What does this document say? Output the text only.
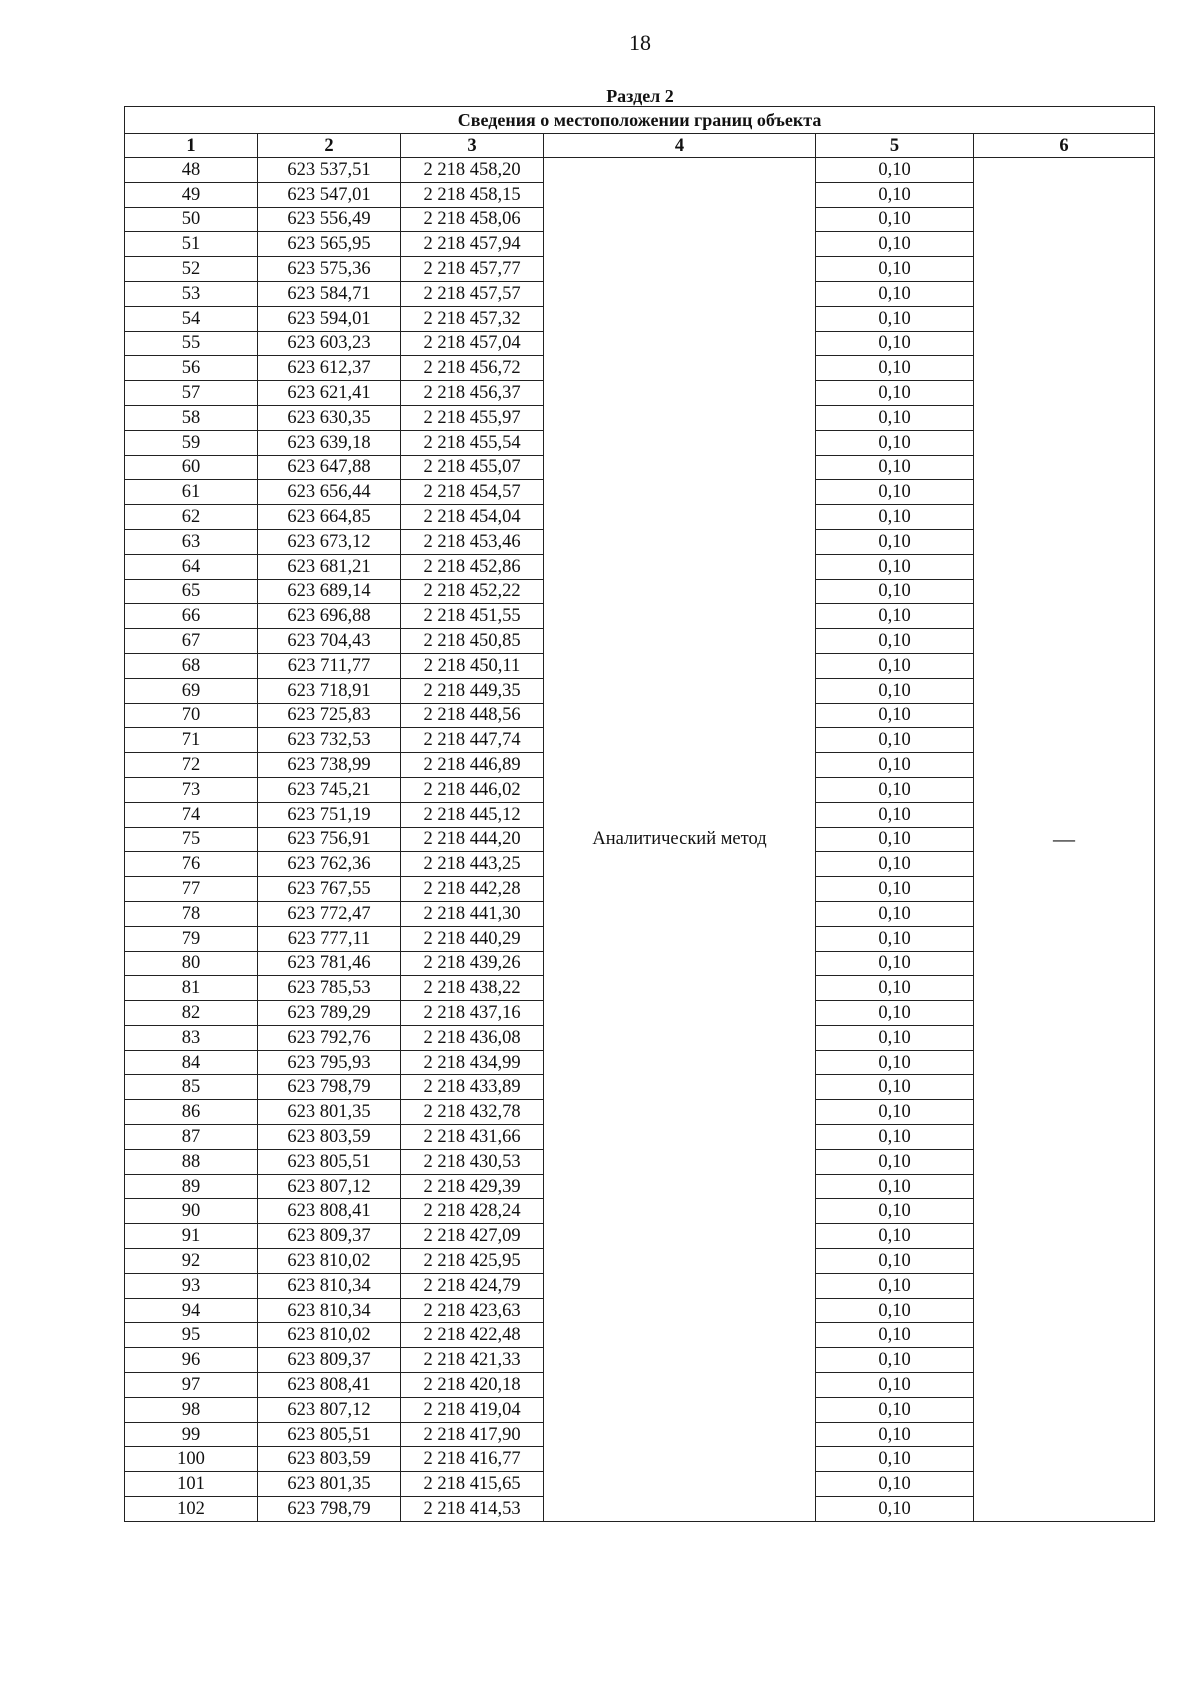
18
Раздел 2
Сведения о местоположении границ объекта					
1	2	3	4	5	6
48	623 537,51	2 218 458,20	Аналитический метод	0,10	—
49	623 547,01	2 218 458,15		0,10	
50	623 556,49	2 218 458,06		0,10	
51	623 565,95	2 218 457,94		0,10	
52	623 575,36	2 218 457,77		0,10	
53	623 584,71	2 218 457,57		0,10	
54	623 594,01	2 218 457,32		0,10	
55	623 603,23	2 218 457,04		0,10	
56	623 612,37	2 218 456,72		0,10	
57	623 621,41	2 218 456,37		0,10	
58	623 630,35	2 218 455,97		0,10	
59	623 639,18	2 218 455,54		0,10	
60	623 647,88	2 218 455,07		0,10	
61	623 656,44	2 218 454,57		0,10	
62	623 664,85	2 218 454,04		0,10	
63	623 673,12	2 218 453,46		0,10	
64	623 681,21	2 218 452,86		0,10	
65	623 689,14	2 218 452,22		0,10	
66	623 696,88	2 218 451,55		0,10	
67	623 704,43	2 218 450,85		0,10	
68	623 711,77	2 218 450,11		0,10	
69	623 718,91	2 218 449,35		0,10	
70	623 725,83	2 218 448,56		0,10	
71	623 732,53	2 218 447,74		0,10	
72	623 738,99	2 218 446,89		0,10	
73	623 745,21	2 218 446,02		0,10	
74	623 751,19	2 218 445,12		0,10	
75	623 756,91	2 218 444,20		0,10	
76	623 762,36	2 218 443,25		0,10	
77	623 767,55	2 218 442,28		0,10	
78	623 772,47	2 218 441,30		0,10	
79	623 777,11	2 218 440,29		0,10	
80	623 781,46	2 218 439,26		0,10	
81	623 785,53	2 218 438,22		0,10	
82	623 789,29	2 218 437,16		0,10	
83	623 792,76	2 218 436,08		0,10	
84	623 795,93	2 218 434,99		0,10	
85	623 798,79	2 218 433,89		0,10	
86	623 801,35	2 218 432,78		0,10	
87	623 803,59	2 218 431,66		0,10	
88	623 805,51	2 218 430,53		0,10	
89	623 807,12	2 218 429,39		0,10	
90	623 808,41	2 218 428,24		0,10	
91	623 809,37	2 218 427,09		0,10	
92	623 810,02	2 218 425,95		0,10	
93	623 810,34	2 218 424,79		0,10	
94	623 810,34	2 218 423,63		0,10	
95	623 810,02	2 218 422,48		0,10	
96	623 809,37	2 218 421,33		0,10	
97	623 808,41	2 218 420,18		0,10	
98	623 807,12	2 218 419,04		0,10	
99	623 805,51	2 218 417,90		0,10	
100	623 803,59	2 218 416,77		0,10	
101	623 801,35	2 218 415,65		0,10	
102	623 798,79	2 218 414,53		0,10	
